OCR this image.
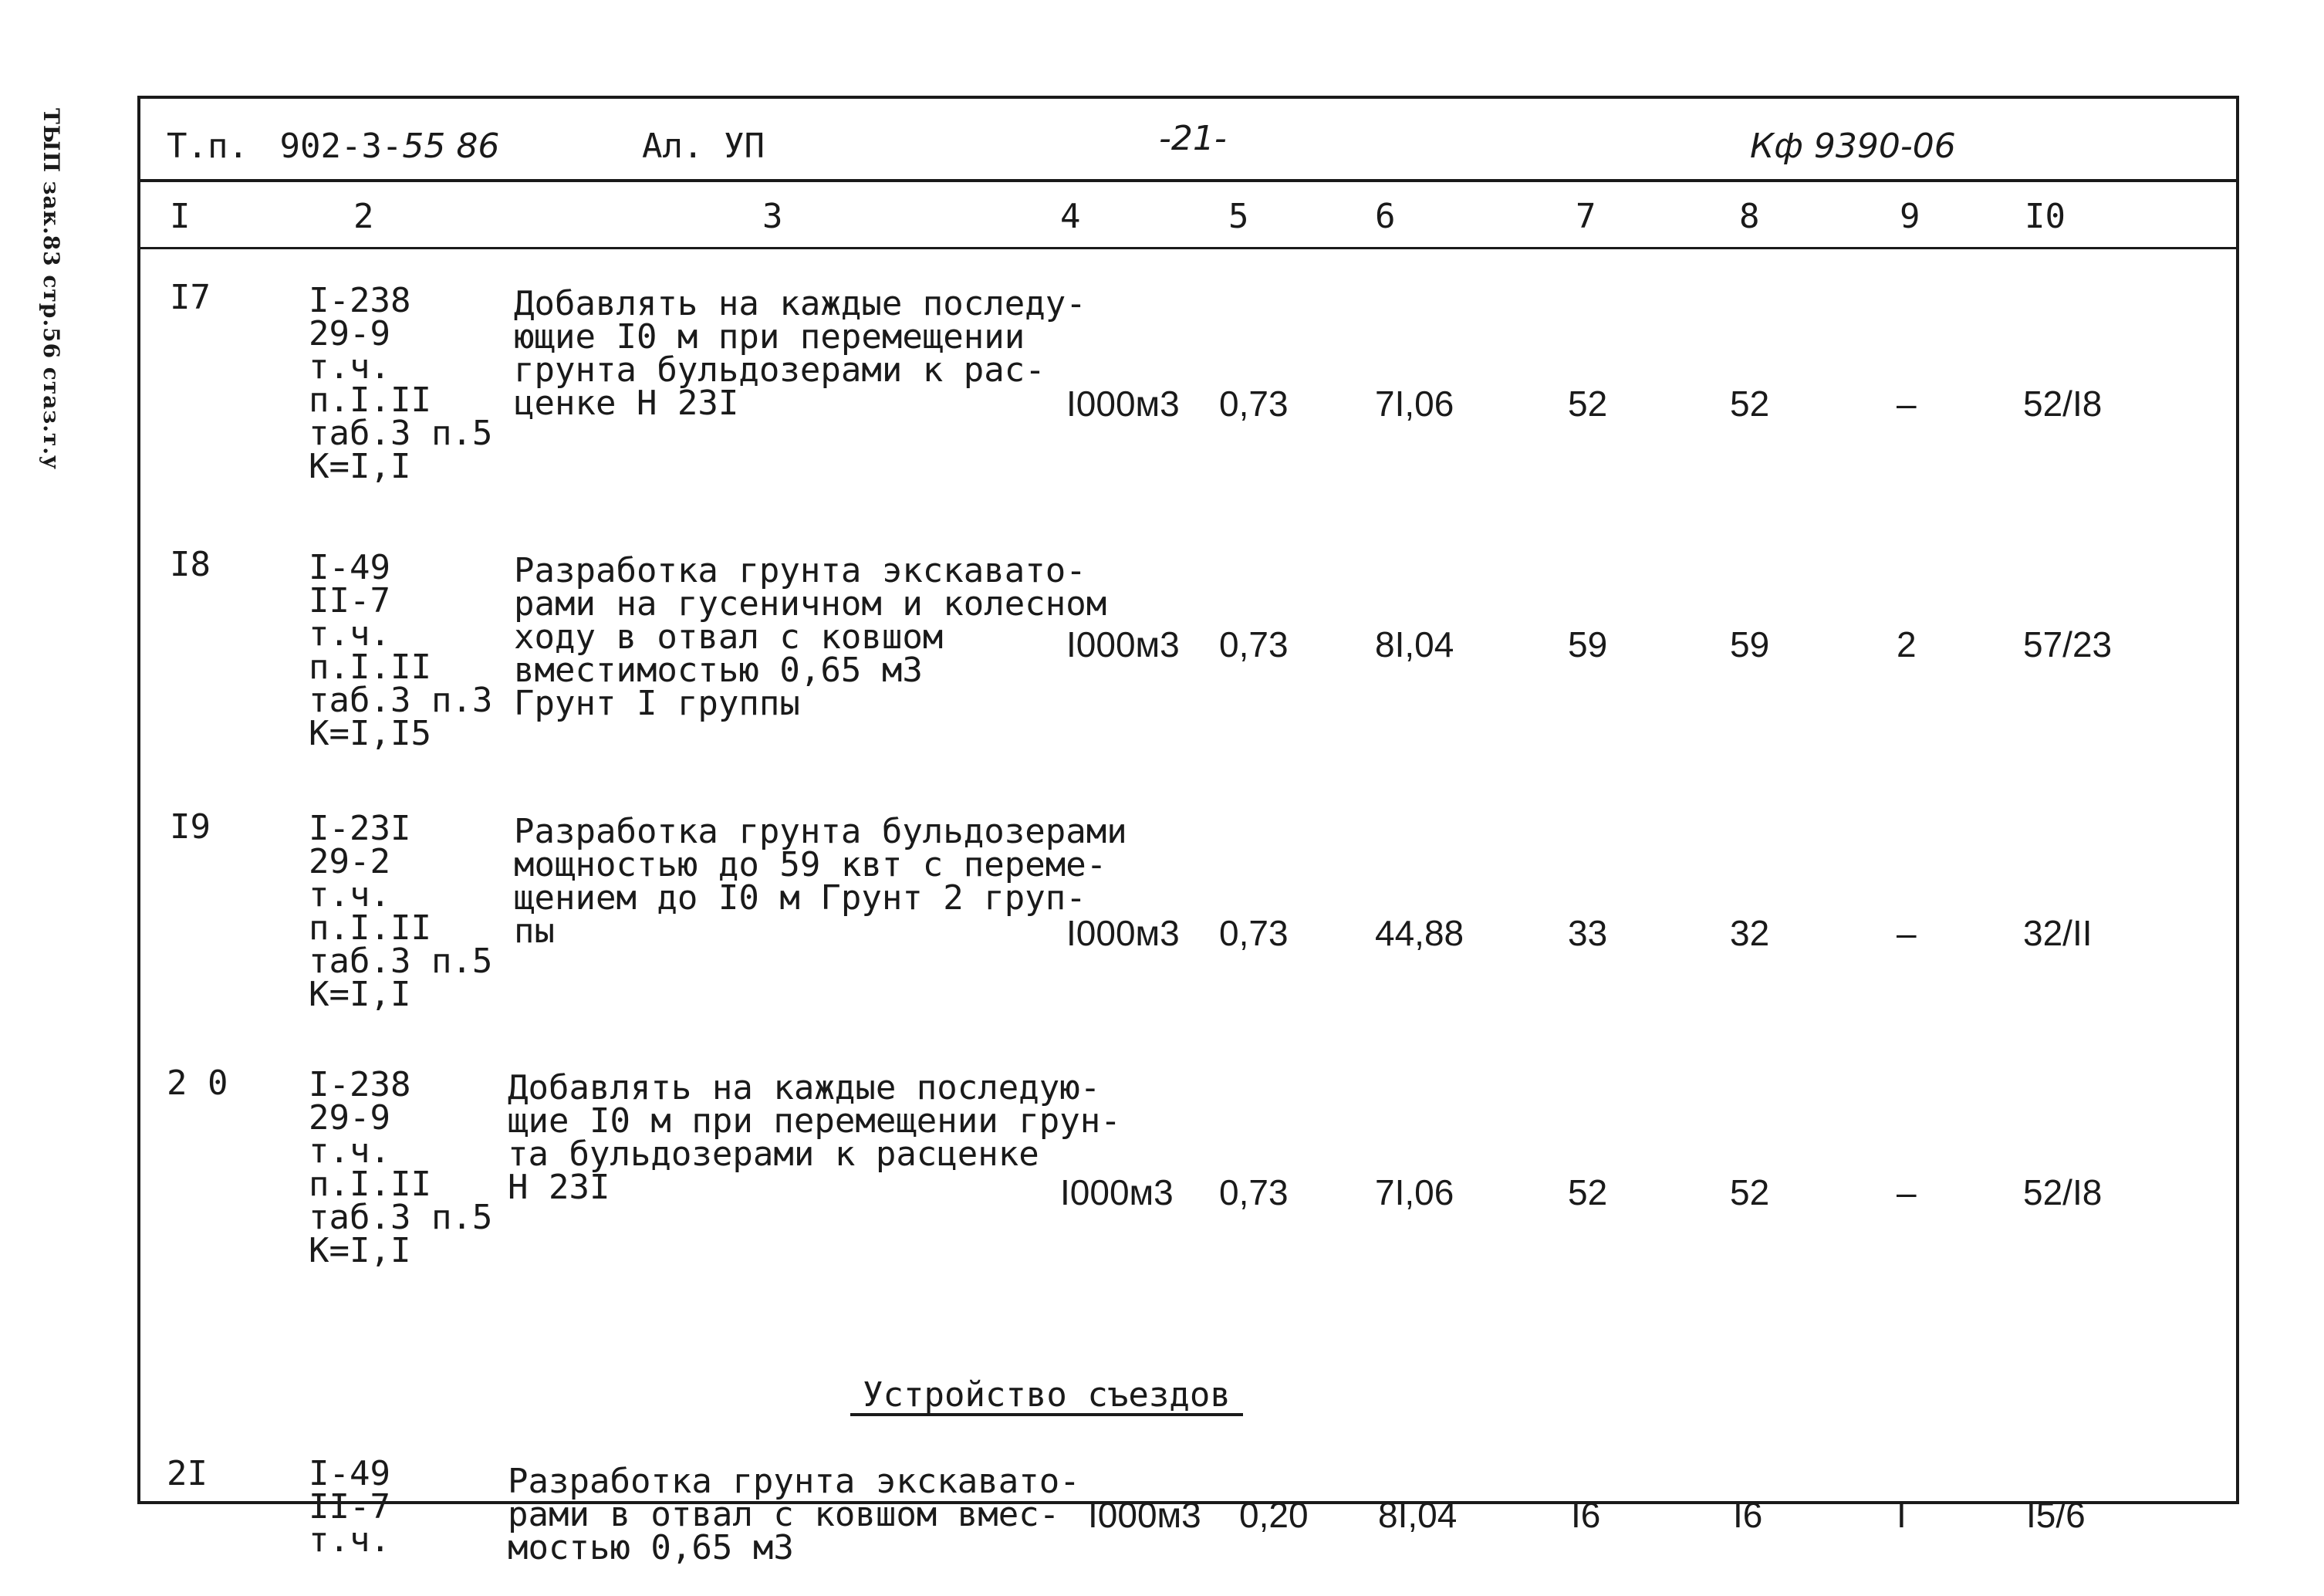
ТЫП зак.83 стр.56 стаз.т.у	Т.п. 902-3-55 86	Ал. УП	-21-	Кф 9390-06
I	2	3	4	5	6	7	8	9	I0
I7	I-238
29-9
т.ч.
п.I.II
таб.3 п.5
К=I,I
Добавлять на каждые последу-
ющие I0 м при перемещении
грунта бульдозерами к рас-
ценке Н 23I	I000м3 0,73 7I,06	52	52	–	52/I8
I8	I-49
II-7
т.ч.
п.I.II
таб.3 п.3
К=I,I5
Разработка грунта экскавато-
рами на гусеничном и колесном
ходу в отвал с ковшом
вместимостью 0,65 м3
Грунт I группы
I000м3 0,73 8I,04	59	59	2	57/23
I9	I-23I
29-2
т.ч.
п.I.II
таб.3 п.5
К=I,I
Разработка грунта бульдозерами
мощностью до 59 квт с переме-
щением до I0 м Грунт 2 груп-
пы	I000м3 0,73 44,88	33	32	–	32/II
2 0 I-238
29-9
т.ч.
п.I.II
таб.3 п.5
К=I,I
Добавлять на каждые последую-
щие I0 м при перемещении грун-
та бульдозерами к расценке
Н 23I	I000м3 0,73 7I,06	52	52	–	52/I8
Устройство съездов
2I	I-49
II-7
т.ч.
Разработка грунта экскавато-
рами в отвал с ковшом вмес-
мостью 0,65 м3
I000м3 0,20 8I,04	I6	I6	I	I5/6
